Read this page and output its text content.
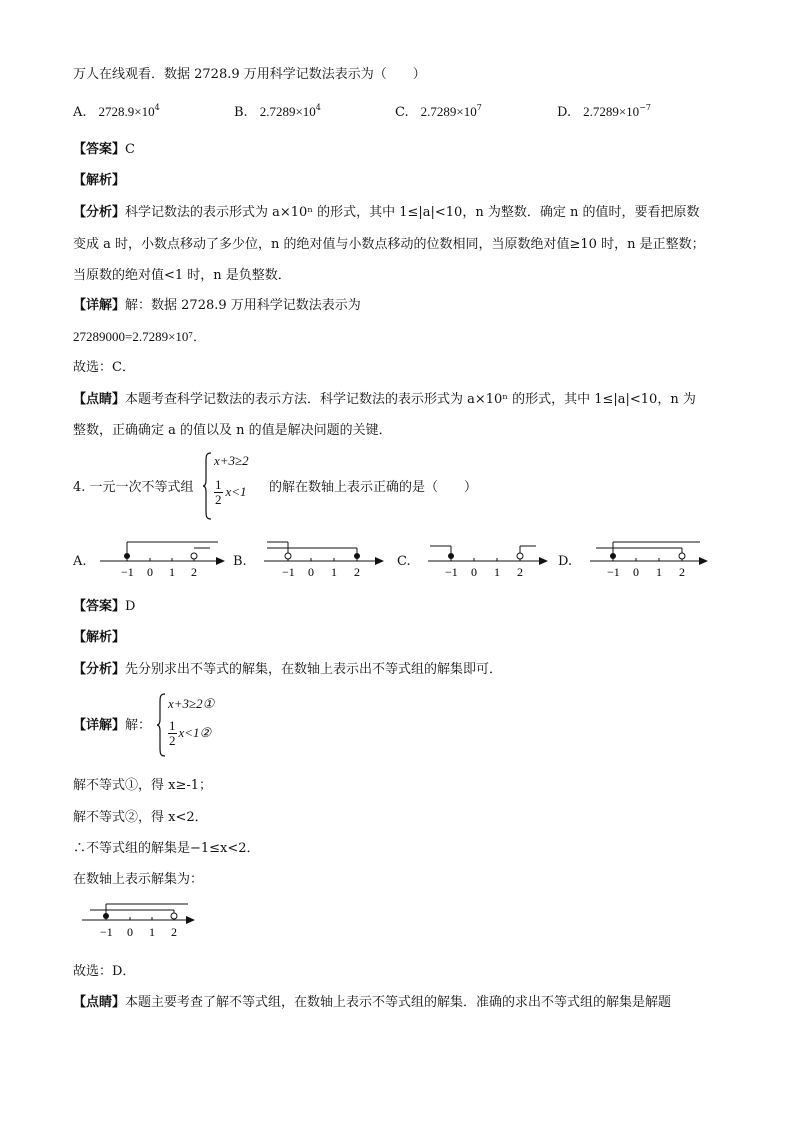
万人在线观看．数据 2728.9 万用科学记数法表示为（　　）
A. $2728.9\times 10^4$	B. $2.7289\times 10^4$	C. $2.7289\times 10^7$	D. $2.7289\times 10^{-7}$
【答案】C
【解析】
【分析】科学记数法的表示形式为 a×10ⁿ 的形式，其中 1≤|a|<10，n 为整数．确定 n 的值时，要看把原数
变成 a 时，小数点移动了多少位，n 的绝对值与小数点移动的位数相同，当原数绝对值≥10 时，n 是正整数；
当原数的绝对值<1 时，n 是负整数．
【详解】解：数据 2728.9 万用科学记数法表示为
27289000=2.7289×10⁷．
故选：C．
【点睛】本题考查科学记数法的表示方法．科学记数法的表示形式为 a×10ⁿ 的形式，其中 1≤|a|<10，n 为
整数，正确确定 a 的值以及 n 的值是解决问题的关键．
4. 一元一次不等式组
x+3≥2
$\frac{1}{2} x<1$ 的解在数轴上表示正确的是（　　）
A.
−1 0 1 2
B.
−1 0 1 2
C.
−1 0 1 2
D.
−1 0 1 2
【答案】D
【解析】
【分析】先分别求出不等式的解集，在数轴上表示出不等式组的解集即可．
【详解】解：
x+3≥2①
$\frac{1}{2}$ x<1②
解不等式①，得 x≥-1；
解不等式②，得 x<2．
∴不等式组的解集是−1≤x<2．
在数轴上表示解集为：
−1 0 1 2
故选：D．
【点睛】本题主要考查了解不等式组，在数轴上表示不等式组的解集．准确的求出不等式组的解集是解题
